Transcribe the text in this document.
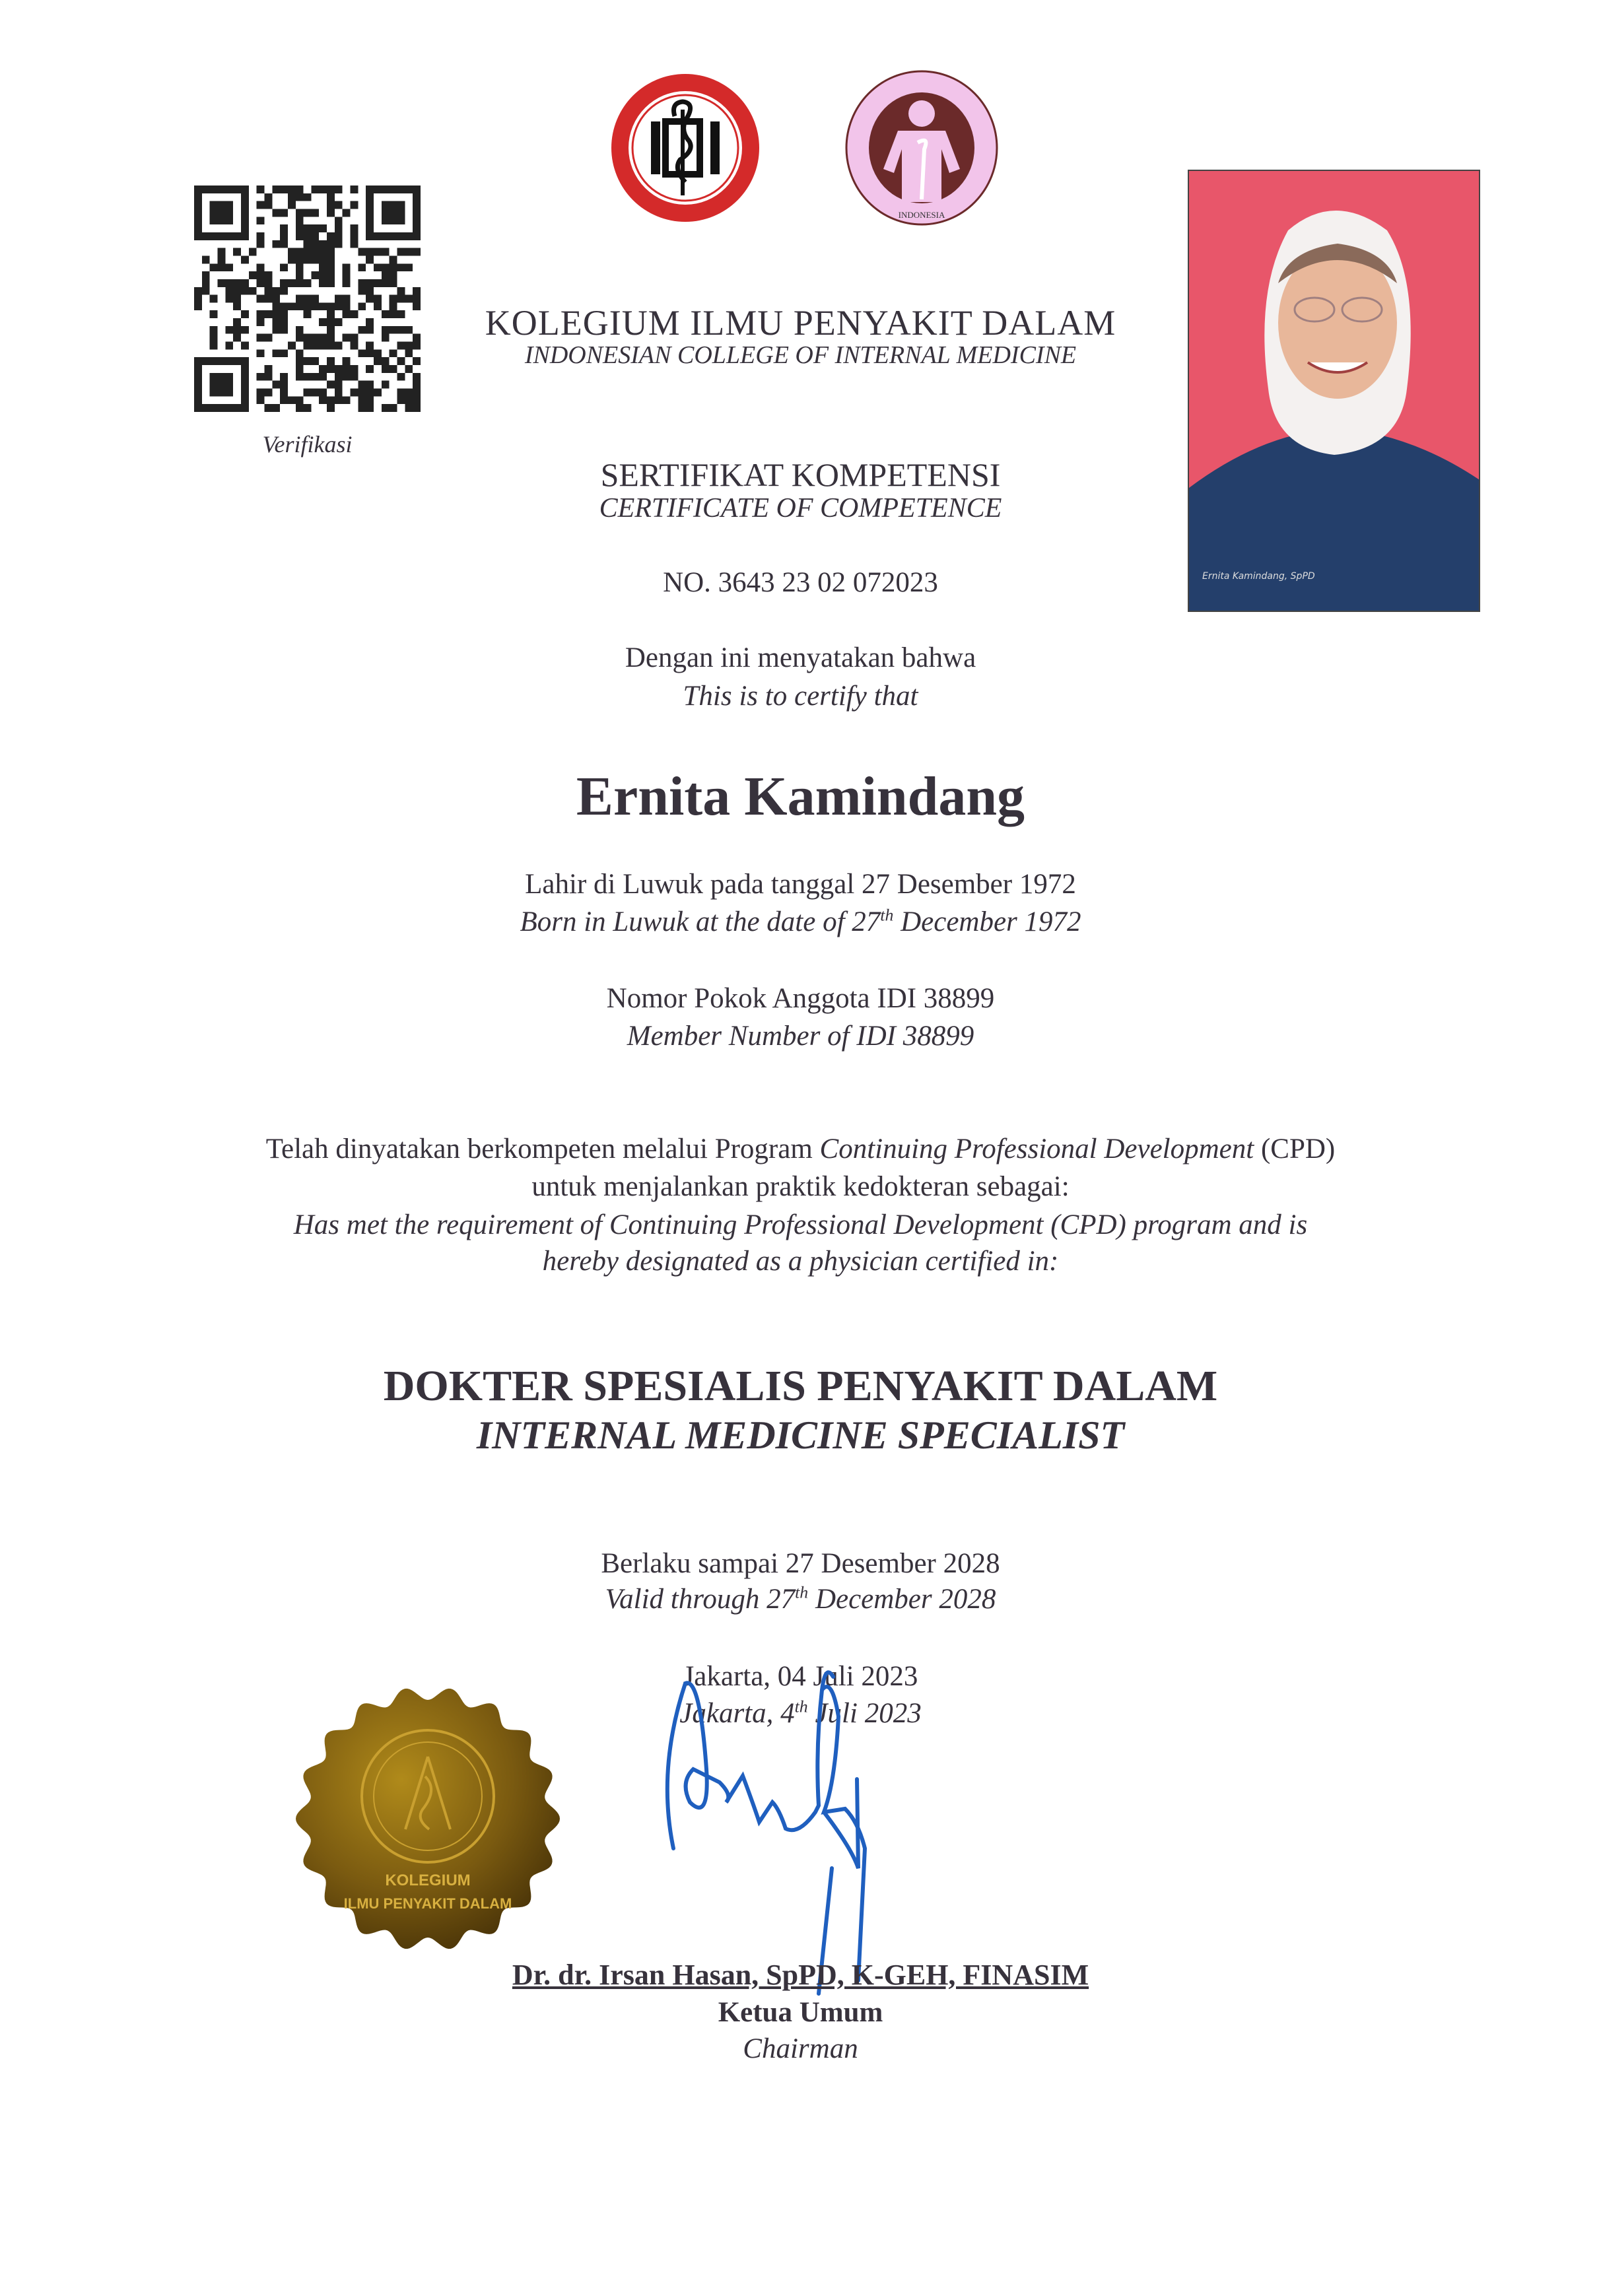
Verifikasi
INDONESIA
Ernita Kamindang, SpPD
KOLEGIUM ILMU PENYAKIT DALAM
INDONESIAN COLLEGE OF INTERNAL MEDICINE
SERTIFIKAT KOMPETENSI
CERTIFICATE OF COMPETENCE
NO. 3643 23 02 072023
Dengan ini menyatakan bahwa
This is to certify that
Ernita Kamindang
Lahir di Luwuk pada tanggal 27 Desember 1972
Born in Luwuk at the date of 27th December 1972
Nomor Pokok Anggota IDI 38899
Member Number of IDI 38899
Telah dinyatakan berkompeten melalui Program Continuing Professional Development (CPD)
untuk menjalankan praktik kedokteran sebagai:
Has met the requirement of Continuing Professional Development (CPD) program and is
hereby designated as a physician certified in:
DOKTER SPESIALIS PENYAKIT DALAM
INTERNAL MEDICINE SPECIALIST
Berlaku sampai 27 Desember 2028
Valid through 27th December 2028
Jakarta, 04 Juli 2023
Jakarta, 4th Juli 2023
KOLEGIUM
ILMU PENYAKIT DALAM
Dr. dr. Irsan Hasan, SpPD, K-GEH, FINASIM
Ketua Umum
Chairman
